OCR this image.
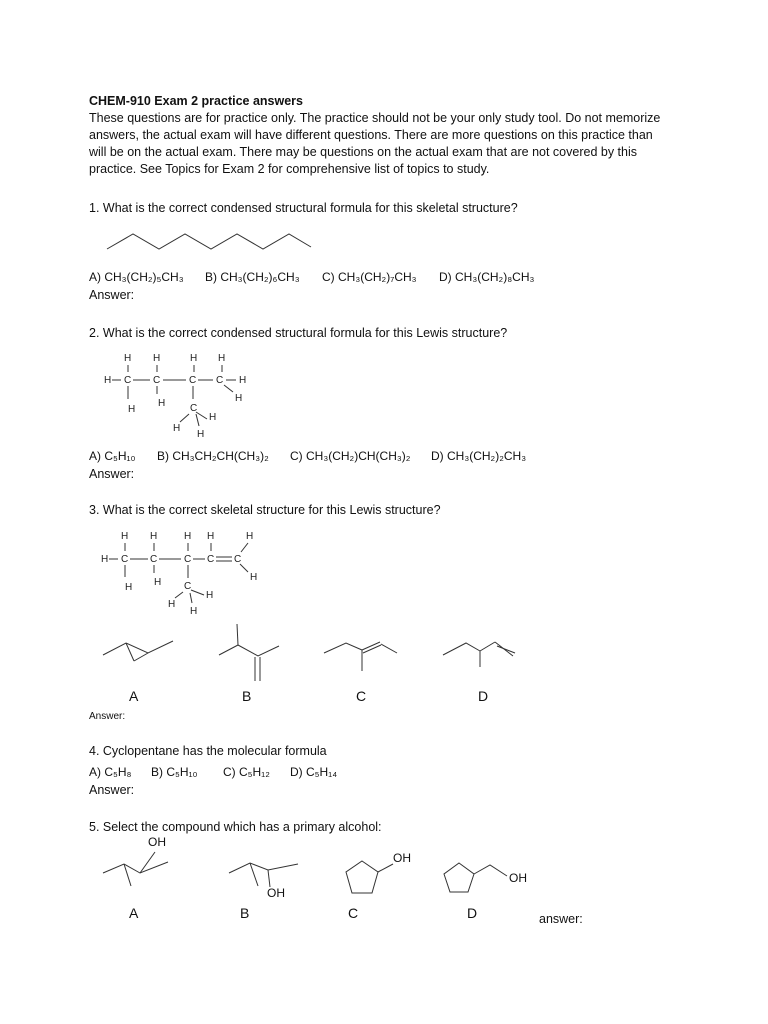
CHEM-910 Exam 2 practice answers
These questions are for practice only. The practice should not be your only study tool. Do not memorize
answers, the actual exam will have different questions. There are more questions on this practice than
will be on the actual exam. There may be questions on the actual exam that are not covered by this
practice. See Topics for Exam 2 for comprehensive list of topics to study.
1. What is the correct condensed structural formula for this skeletal structure?
A) CH₃(CH₂)₅CH₃ B) CH₃(CH₂)₆CH₃ C) CH₃(CH₂)₇CH₃ D) CH₃(CH₂)₈CH₃
Answer:
2. What is the correct condensed structural formula for this Lewis structure?
H H	H H
H C C	C C H
H
H
H C
H
H
H
A) C₅H₁₀ B) CH₃CH₂CH(CH₃)₂ C) CH₃(CH₂)CH(CH₃)₂ D) CH₃(CH₂)₂CH₃
Answer:
3. What is the correct skeletal structure for this Lewis structure?
H H	H H	H
H C C	C C C
H
H H C
H
H
H
A	B	C	D
Answer:
4. Cyclopentane has the molecular formula
A) C₅H₈ B) C₅H₁₀ C) C₅H₁₂ D) C₅H₁₄
Answer:
5. Select the compound which has a primary alcohol:
OH
OH
OH
OH
A	B	C	D	answer:
